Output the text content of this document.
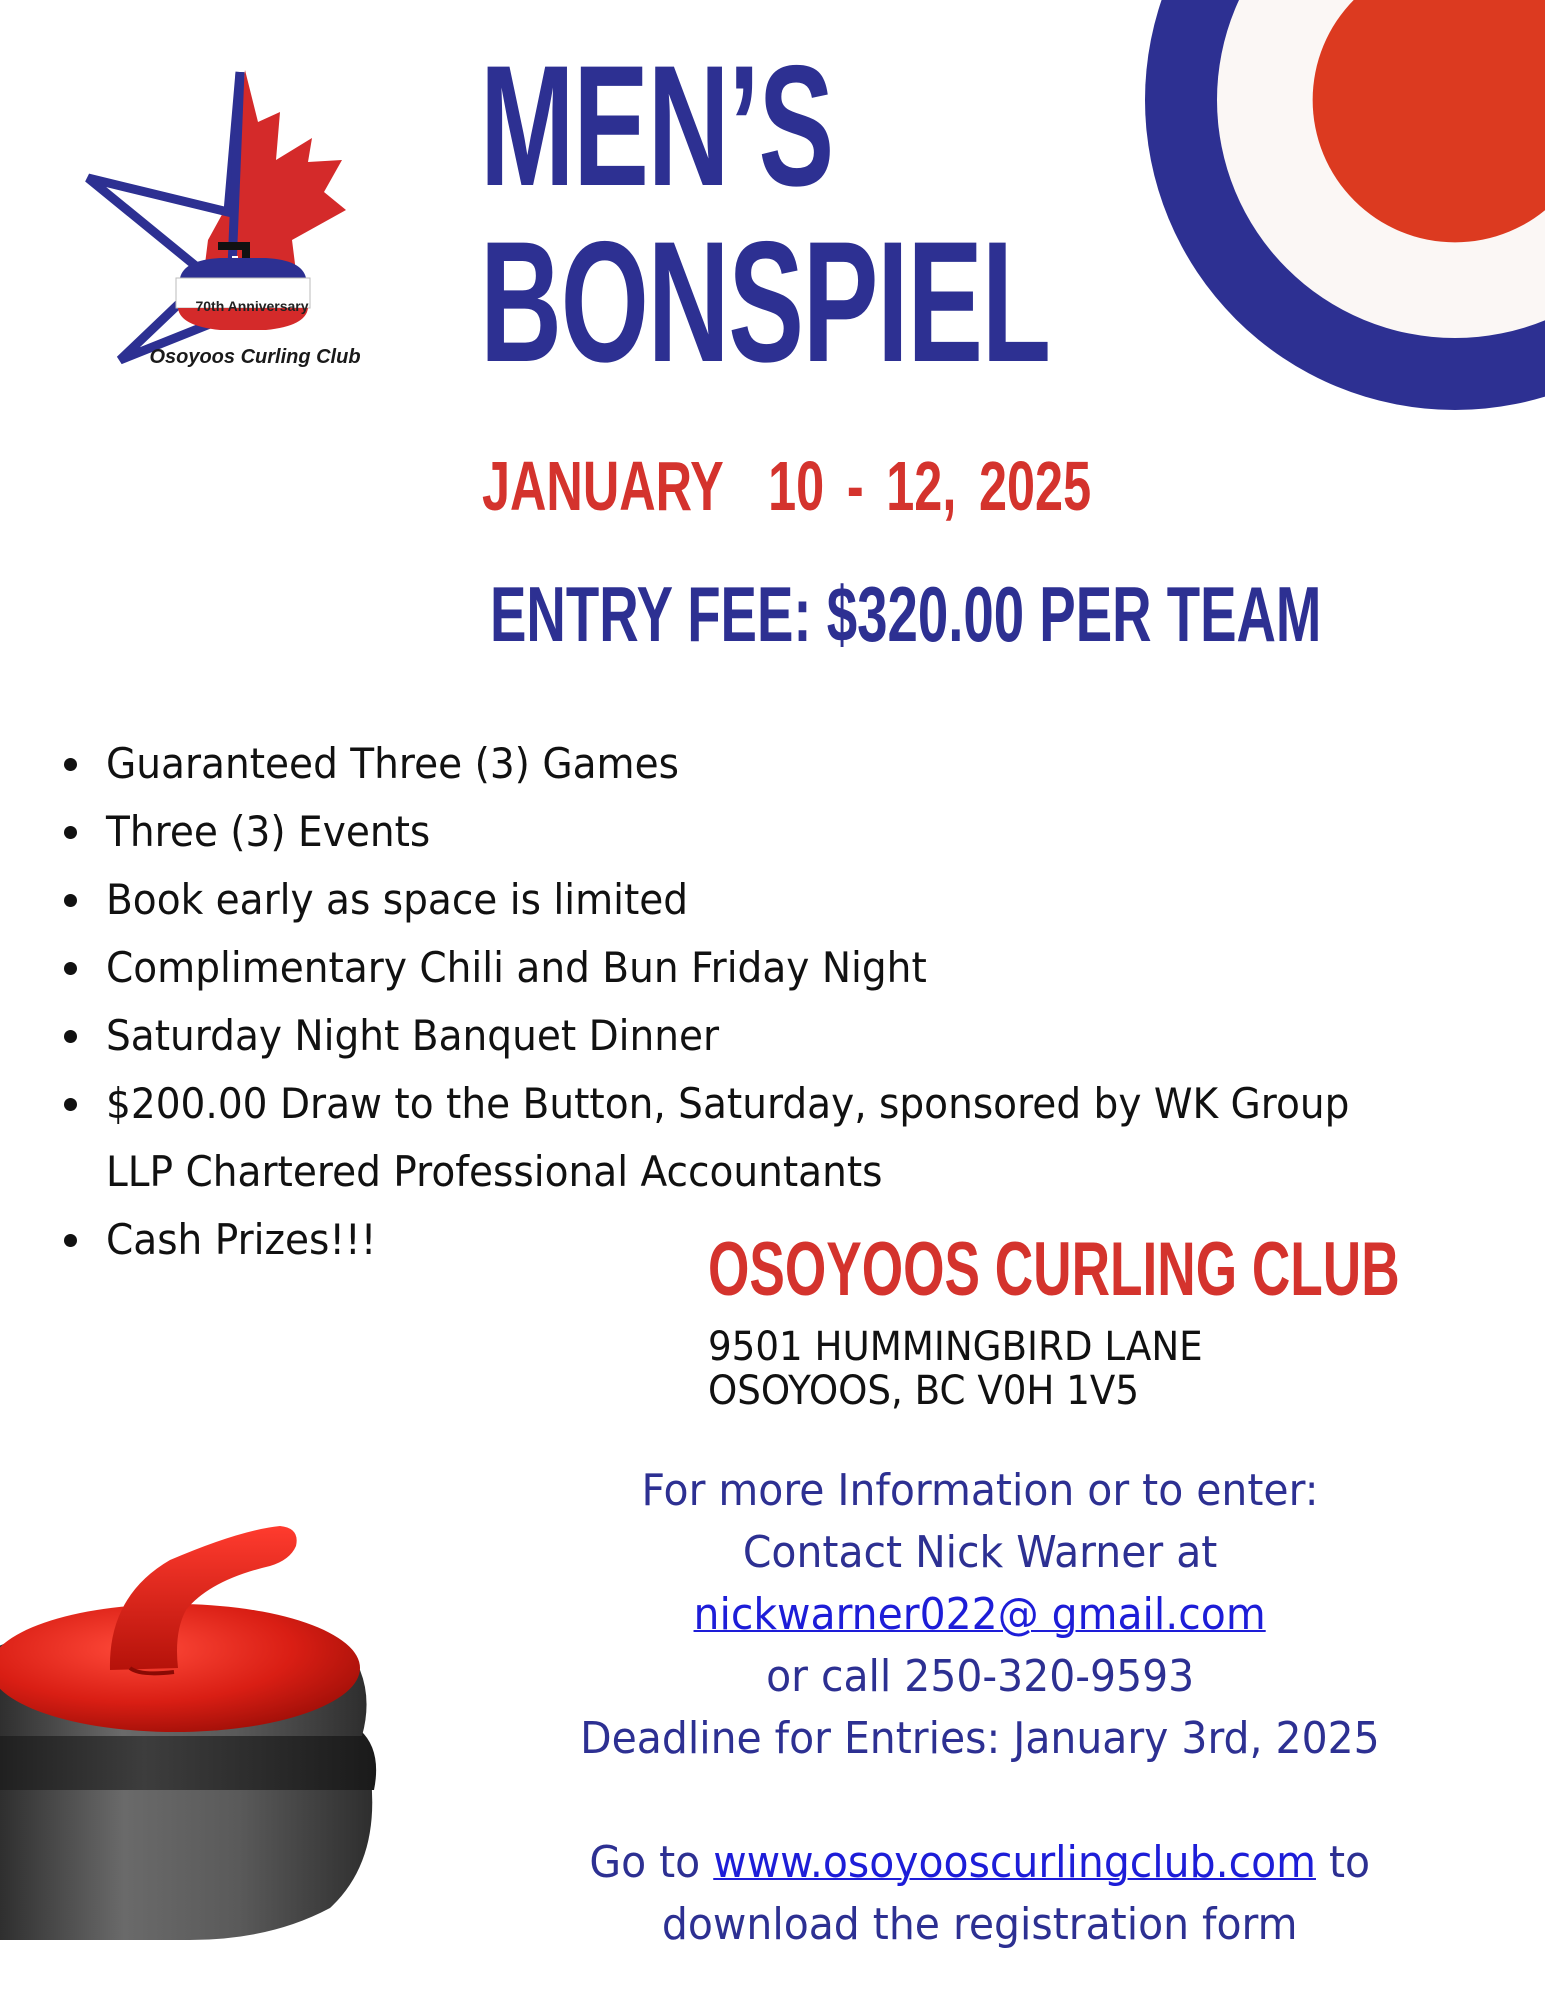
70th Anniversary
Osoyoos Curling Club
MEN’S
BONSPIEL
JANUARY  10 - 12, 2025
ENTRY FEE: $320.00 PER TEAM
Guaranteed Three (3) Games
Three (3) Events
Book early as space is limited
Complimentary Chili and Bun Friday Night
Saturday Night Banquet Dinner
$200.00 Draw to the Button, Saturday, sponsored by WK Group LLP Chartered Professional Accountants
Cash Prizes!!!	OSOYOOS CURLING CLUB
9501 HUMMINGBIRD LANE
OSOYOOS, BC V0H 1V5
For more Information or to enter:
Contact Nick Warner at
nickwarner022@ gmail.com
or call 250-320-9593
Deadline for Entries: January 3rd, 2025
Go to www.osoyooscurlingclub.com to
download the registration form
